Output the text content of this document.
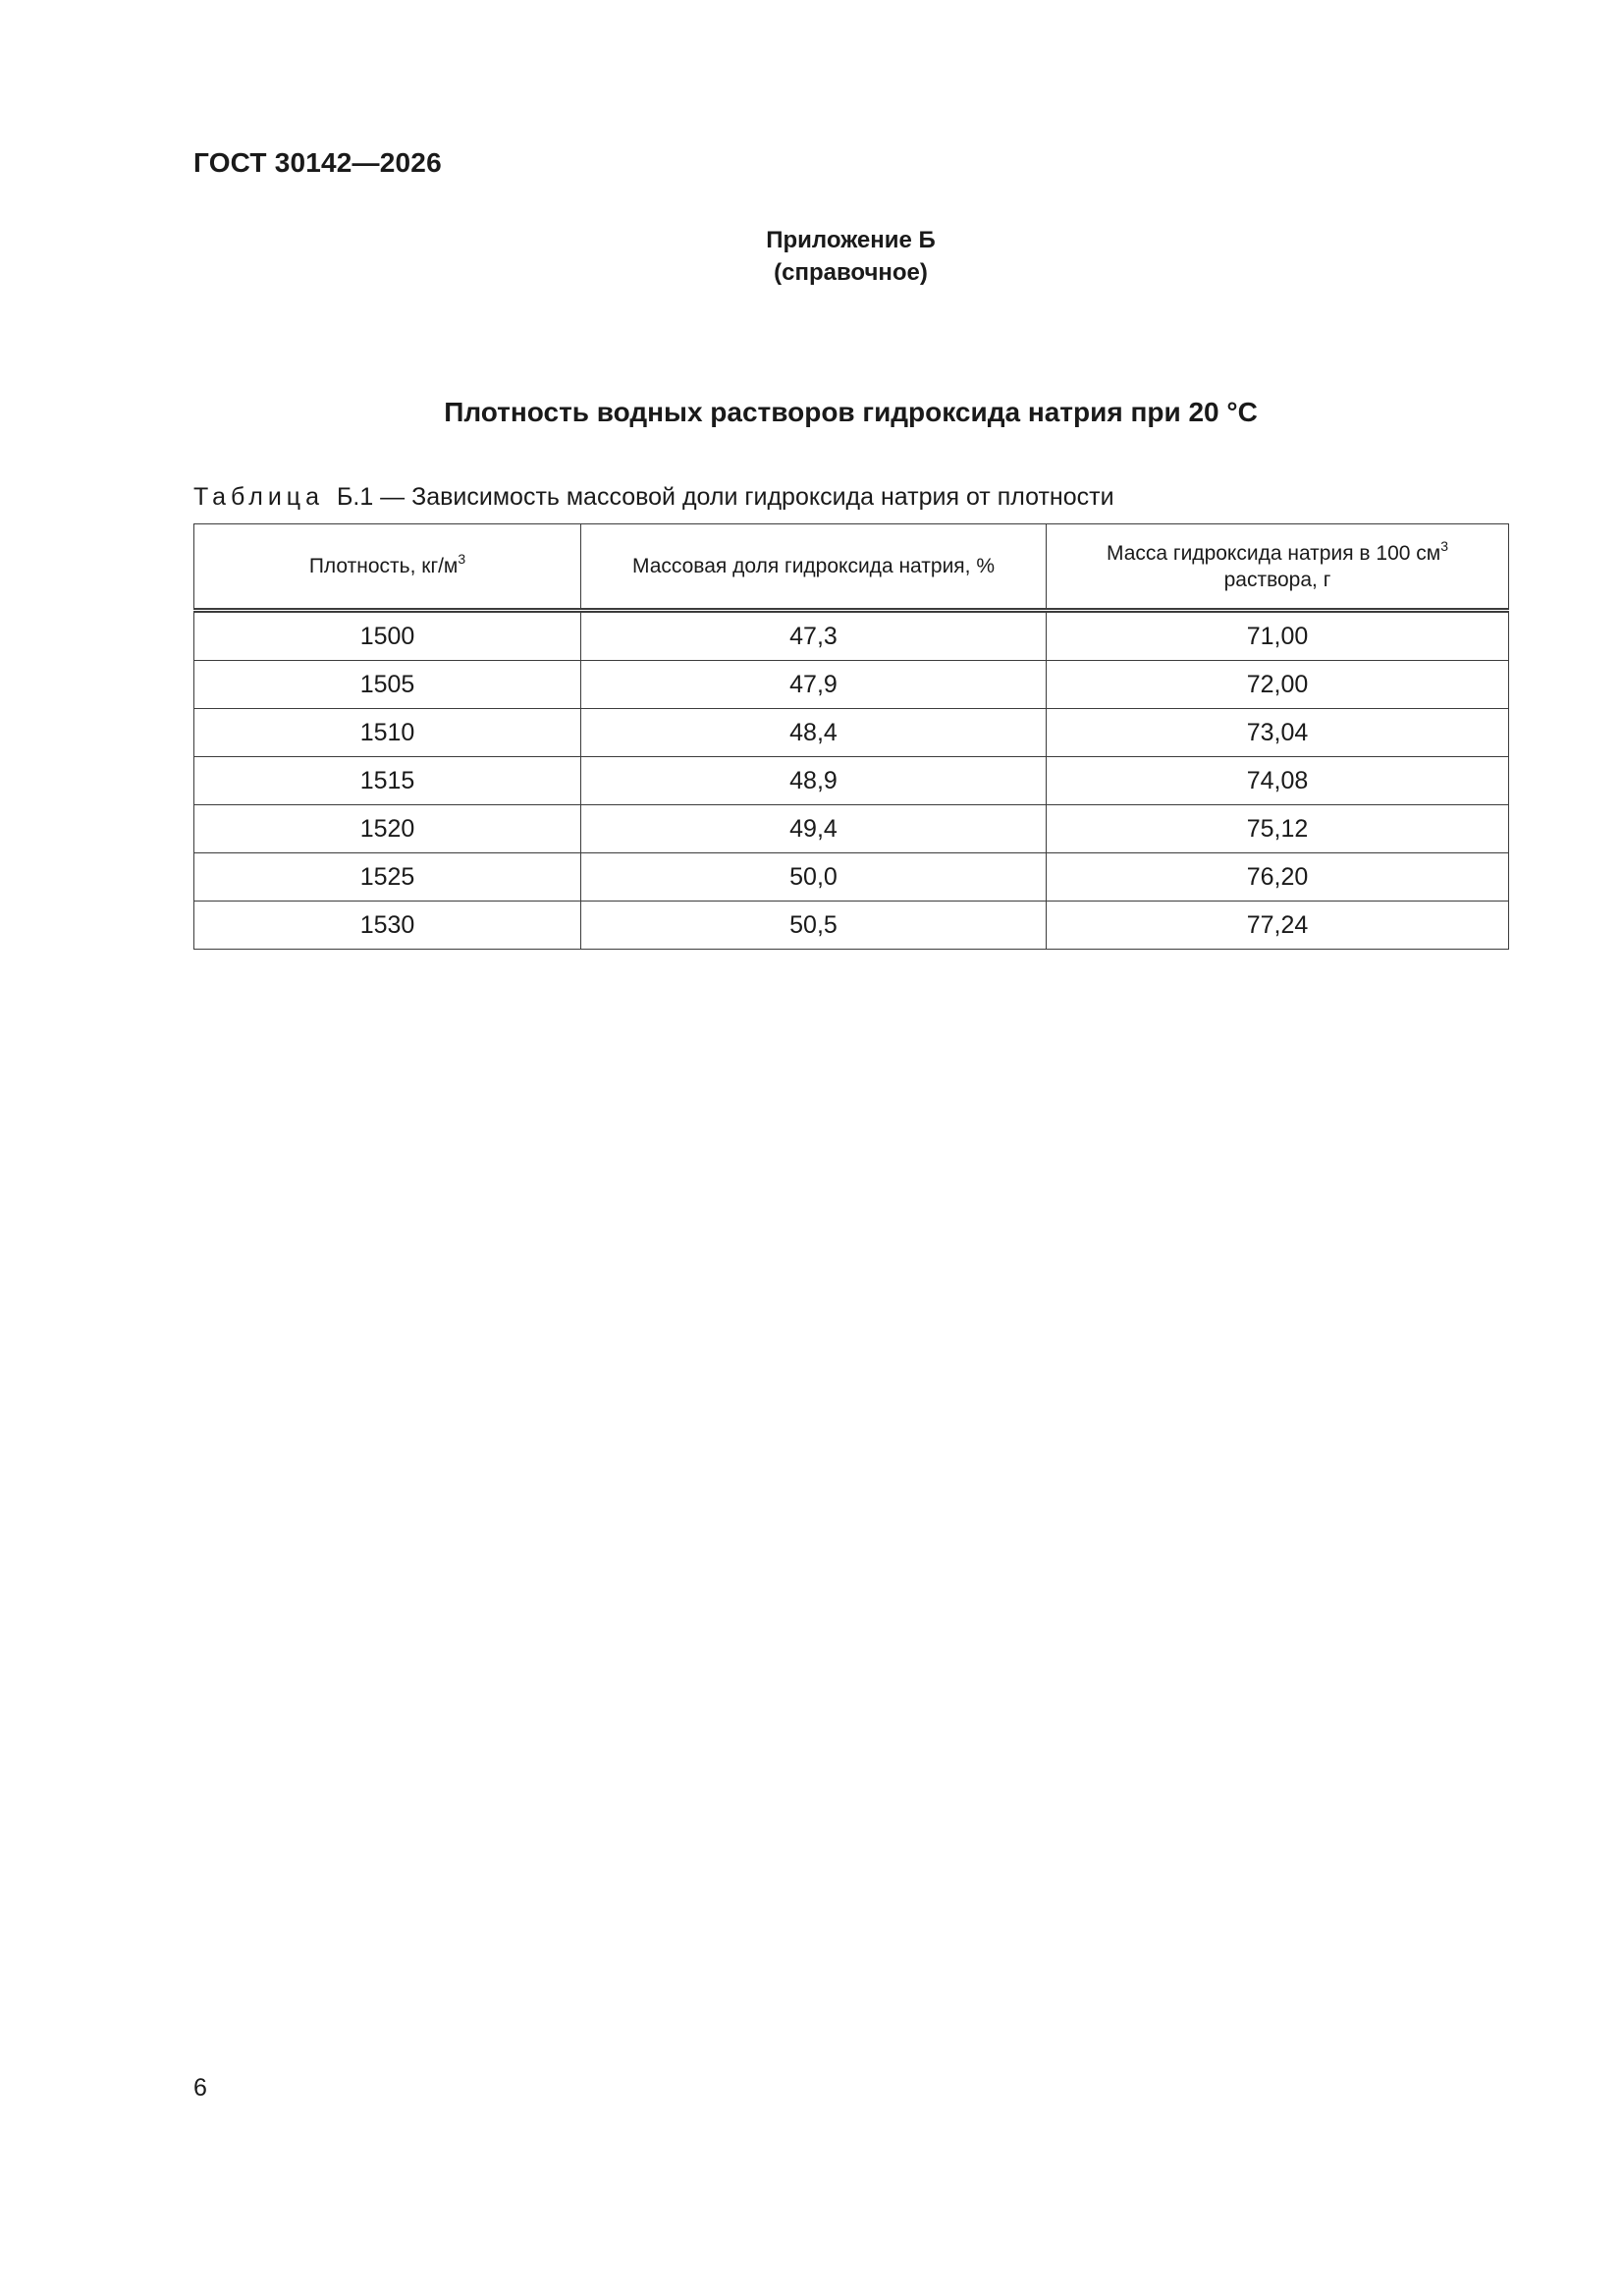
ГОСТ 30142—2026
Приложение Б
(справочное)
Плотность водных растворов гидроксида натрия при 20 °С
Таблица Б.1 — Зависимость массовой доли гидроксида натрия от плотности
Плотность, $кг/м^3$	Массовая доля гидроксида натрия, %	Масса гидроксида натрия в 100 $см^3$
раствора, г
1500	47,3	71,00
1505	47,9	72,00
1510	48,4	73,04
1515	48,9	74,08
1520	49,4	75,12
1525	50,0	76,20
1530	50,5	77,24
6
